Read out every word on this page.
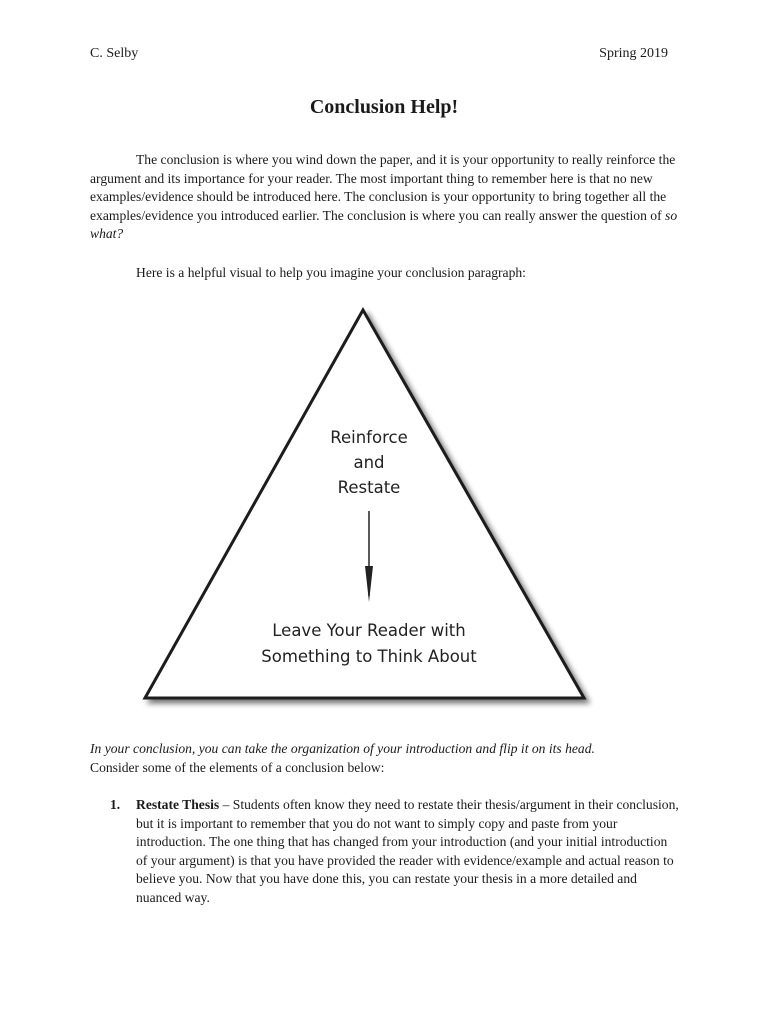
C. Selby	Spring 2019
Conclusion Help!

The conclusion is where you wind down the paper, and it is your opportunity to really reinforce the argument and its importance for your reader. The most important thing to remember here is that no new examples/evidence should be introduced here. The conclusion is your opportunity to bring together all the examples/evidence you introduced earlier. The conclusion is where you can really answer the question of so what?

Here is a helpful visual to help you imagine your conclusion paragraph:

Reinforce
and
Restate
Leave Your Reader with
Something to Think About

In your conclusion, you can take the organization of your introduction and flip it on its head.
Consider some of the elements of a conclusion below:

1.	Restate Thesis – Students often know they need to restate their thesis/argument in their conclusion, but it is important to remember that you do not want to simply copy and paste from your introduction. The one thing that has changed from your introduction (and your initial introduction of your argument) is that you have provided the reader with evidence/example and actual reason to believe you. Now that you have done this, you can restate your thesis in a more detailed and nuanced way.
